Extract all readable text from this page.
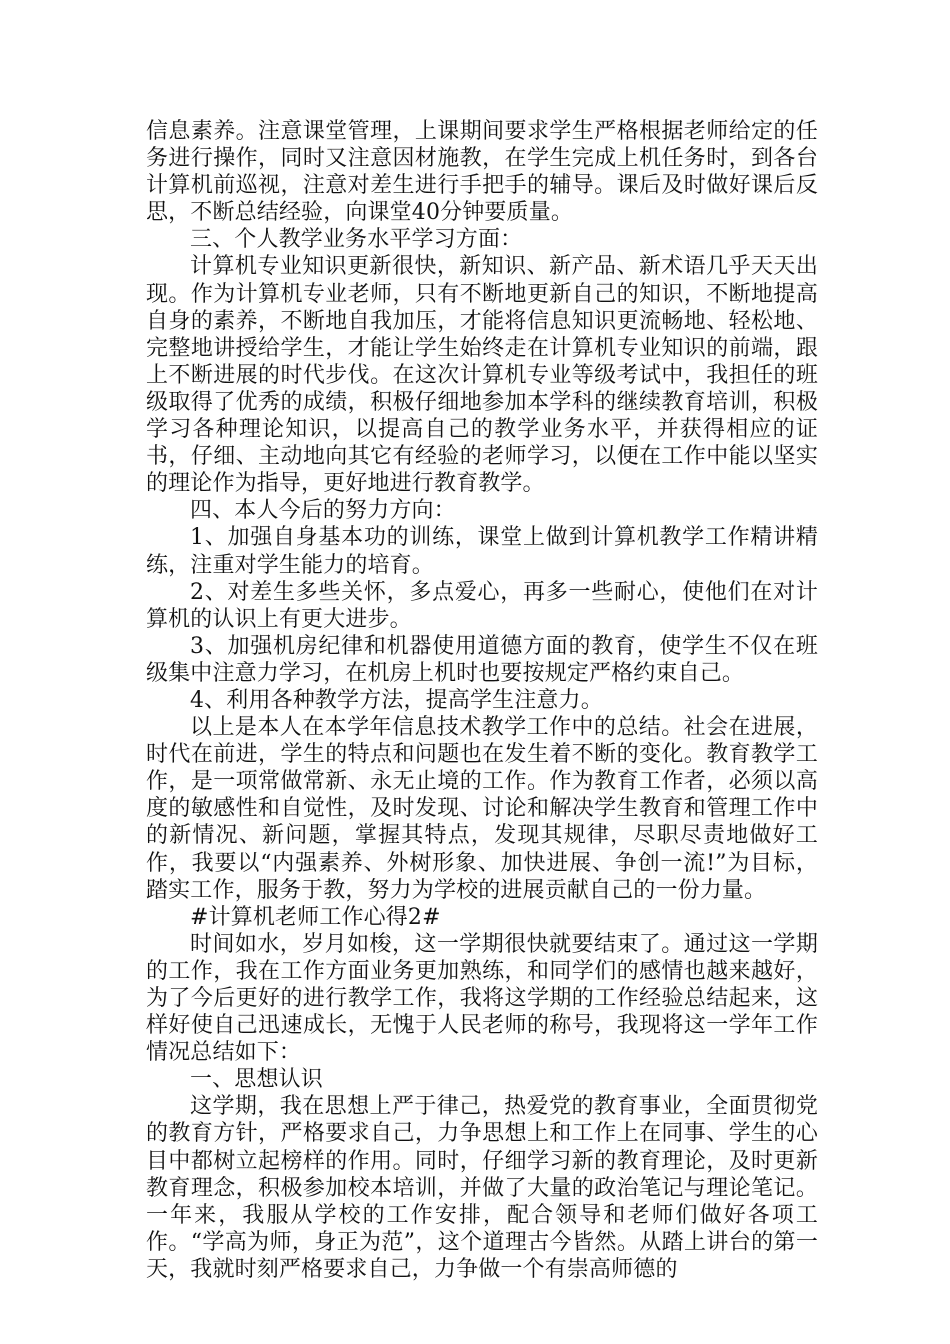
信息素养。注意课堂管理，上课期间要求学生严格根据老师给定的任务进行操作，同时又注意因材施教，在学生完成上机任务时，到各台计算机前巡视，注意对差生进行手把手的辅导。课后及时做好课后反思，不断总结经验，向课堂40分钟要质量。

三、个人教学业务水平学习方面：

计算机专业知识更新很快，新知识、新产品、新术语几乎天天出现。作为计算机专业老师，只有不断地更新自己的知识，不断地提高自身的素养，不断地自我加压，才能将信息知识更流畅地、轻松地、完整地讲授给学生，才能让学生始终走在计算机专业知识的前端，跟上不断进展的时代步伐。在这次计算机专业等级考试中，我担任的班级取得了优秀的成绩，积极仔细地参加本学科的继续教育培训，积极学习各种理论知识，以提高自己的教学业务水平，并获得相应的证书，仔细、主动地向其它有经验的老师学习，以便在工作中能以坚实的理论作为指导，更好地进行教育教学。

四、本人今后的努力方向：

1、加强自身基本功的训练，课堂上做到计算机教学工作精讲精练，注重对学生能力的培育。

2、对差生多些关怀，多点爱心，再多一些耐心，使他们在对计算机的认识上有更大进步。

3、加强机房纪律和机器使用道德方面的教育，使学生不仅在班级集中注意力学习，在机房上机时也要按规定严格约束自己。

4、利用各种教学方法，提高学生注意力。

以上是本人在本学年信息技术教学工作中的总结。社会在进展，时代在前进，学生的特点和问题也在发生着不断的变化。教育教学工作，是一项常做常新、永无止境的工作。作为教育工作者，必须以高度的敏感性和自觉性，及时发现、讨论和解决学生教育和管理工作中的新情况、新问题，掌握其特点，发现其规律，尽职尽责地做好工作，我要以“内强素养、外树形象、加快进展、争创一流!”为目标，踏实工作，服务于教，努力为学校的进展贡献自己的一份力量。

#计算机老师工作心得2#

时间如水，岁月如梭，这一学期很快就要结束了。通过这一学期的工作，我在工作方面业务更加熟练，和同学们的感情也越来越好，为了今后更好的进行教学工作，我将这学期的工作经验总结起来，这样好使自己迅速成长，无愧于人民老师的称号，我现将这一学年工作情况总结如下：

一、思想认识

这学期，我在思想上严于律己，热爱党的教育事业，全面贯彻党的教育方针，严格要求自己，力争思想上和工作上在同事、学生的心目中都树立起榜样的作用。同时，仔细学习新的教育理论，及时更新教育理念，积极参加校本培训，并做了大量的政治笔记与理论笔记。一年来，我服从学校的工作安排，配合领导和老师们做好各项工作。“学高为师，身正为范”，这个道理古今皆然。从踏上讲台的第一天，我就时刻严格要求自己，力争做一个有崇高师德的
